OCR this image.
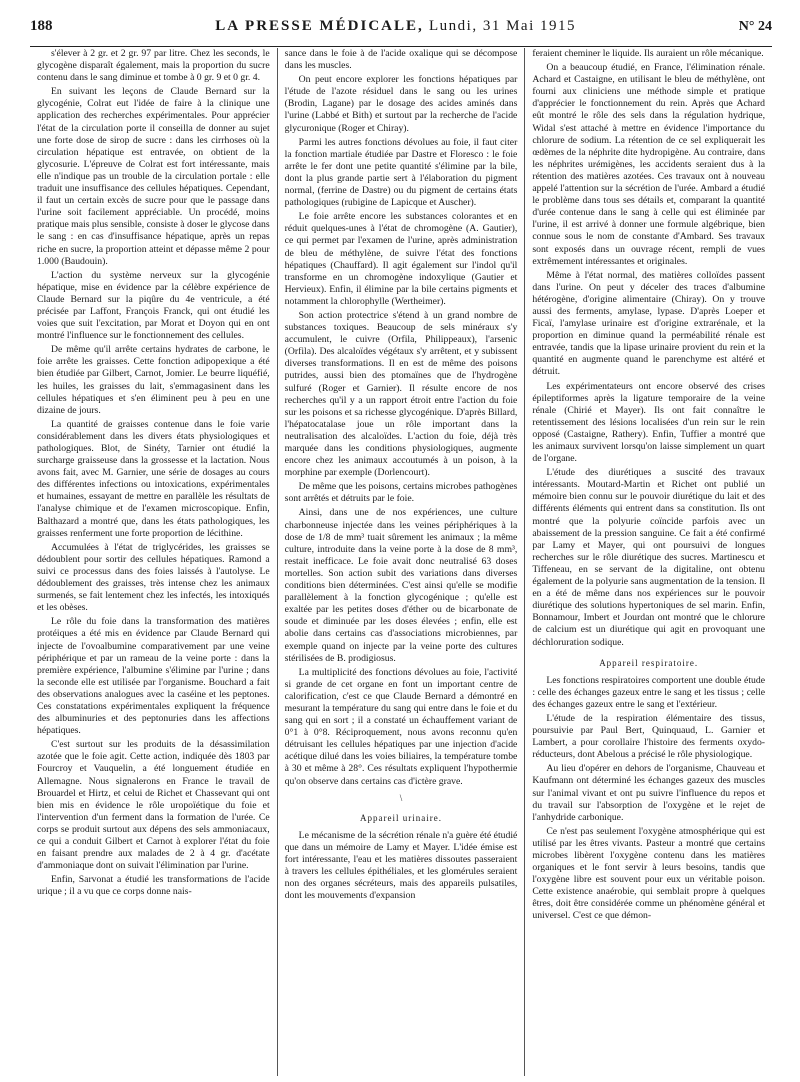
188	LA PRESSE MÉDICALE, Lundi, 31 Mai 1915	N° 24

s'élever à 2 gr. et 2 gr. 97 par litre. Chez les seconds, le glycogène disparaît également, mais la proportion du sucre contenu dans le sang diminue et tombe à 0 gr. 9 et 0 gr. 4.

En suivant les leçons de Claude Bernard sur la glycogénie, Colrat eut l'idée de faire à la clinique une application des recherches expérimentales. Pour apprécier l'état de la circulation porte il conseilla de donner au sujet une forte dose de sirop de sucre : dans les cirrhoses où la circulation hépatique est entravée, on obtient de la glycosurie. L'épreuve de Colrat est fort intéressante, mais elle n'indique pas un trouble de la circulation portale : elle traduit une insuffisance des cellules hépatiques. Cependant, il faut un certain excès de sucre pour que le passage dans l'urine soit facilement appréciable. Un procédé, moins pratique mais plus sensible, consiste à doser le glycose dans le sang : en cas d'insuffisance hépatique, après un repas riche en sucre, la proportion atteint et dépasse même 2 pour 1.000 (Baudouin).

L'action du système nerveux sur la glycogénie hépatique, mise en évidence par la célèbre expérience de Claude Bernard sur la piqûre du 4e ventricule, a été précisée par Laffont, François Franck, qui ont étudié les voies que suit l'excitation, par Morat et Doyon qui en ont montré l'influence sur le fonctionnement des cellules.

De même qu'il arrête certains hydrates de carbone, le foie arrête les graisses. Cette fonction adipopexique a été bien étudiée par Gilbert, Carnot, Jomier. Le beurre liquéfié, les huiles, les graisses du lait, s'emmagasinent dans les cellules hépatiques et s'en éliminent peu à peu en une dizaine de jours.

La quantité de graisses contenue dans le foie varie considérablement dans les divers états physiologiques et pathologiques. Blot, de Sinéty, Tarnier ont étudié la surcharge graisseuse dans la grossesse et la lactation. Nous avons fait, avec M. Garnier, une série de dosages au cours des différentes infections ou intoxications, expérimentales et humaines, essayant de mettre en parallèle les résultats de l'analyse chimique et de l'examen microscopique. Enfin, Balthazard a montré que, dans les états pathologiques, les graisses renferment une forte proportion de lécithine.

Accumulées à l'état de triglycérides, les graisses se dédoublent pour sortir des cellules hépatiques. Ramond a suivi ce processus dans des foies laissés à l'autolyse. Le dédoublement des graisses, très intense chez les animaux surmenés, se fait lentement chez les infectés, les intoxiqués et les obèses.

Le rôle du foie dans la transformation des matières protéiques a été mis en évidence par Claude Bernard qui injecte de l'ovoalbumine comparativement par une veine périphérique et par un rameau de la veine porte : dans la première expérience, l'albumine s'élimine par l'urine ; dans la seconde elle est utilisée par l'organisme. Bouchard a fait des observations analogues avec la caséine et les peptones. Ces constatations expérimentales expliquent la fréquence des albuminuries et des peptonuries dans les affections hépatiques.

C'est surtout sur les produits de la désassimilation azotée que le foie agit. Cette action, indiquée dès 1803 par Fourcroy et Vauquelin, a été longuement étudiée en Allemagne. Nous signalerons en France le travail de Brouardel et Hirtz, et celui de Richet et Chassevant qui ont bien mis en évidence le rôle uropoïétique du foie et l'intervention d'un ferment dans la formation de l'urée. Ce corps se produit surtout aux dépens des sels ammoniacaux, ce qui a conduit Gilbert et Carnot à explorer l'état du foie en faisant prendre aux malades de 2 à 4 gr. d'acétate d'ammoniaque dont on suivait l'élimination par l'urine.

Enfin, Sarvonat a étudié les transformations de l'acide urique ; il a vu que ce corps donne nais-

sance dans le foie à de l'acide oxalique qui se décompose dans les muscles.

On peut encore explorer les fonctions hépatiques par l'étude de l'azote résiduel dans le sang ou les urines (Brodin, Lagane) par le dosage des acides aminés dans l'urine (Labbé et Bith) et surtout par la recherche de l'acide glycuronique (Roger et Chiray).

Parmi les autres fonctions dévolues au foie, il faut citer la fonction martiale étudiée par Dastre et Floresco : le foie arrête le fer dont une petite quantité s'élimine par la bile, dont la plus grande partie sert à l'élaboration du pigment normal, (ferrine de Dastre) ou du pigment de certains états pathologiques (rubigine de Lapicque et Auscher).

Le foie arrête encore les substances colorantes et en réduit quelques-unes à l'état de chromogène (A. Gautier), ce qui permet par l'examen de l'urine, après administration de bleu de méthylène, de suivre l'état des fonctions hépatiques (Chauffard). Il agit également sur l'indol qu'il transforme en un chromogène indoxylique (Gautier et Hervieux). Enfin, il élimine par la bile certains pigments et notamment la chlorophylle (Wertheimer).

Son action protectrice s'étend à un grand nombre de substances toxiques. Beaucoup de sels minéraux s'y accumulent, le cuivre (Orfila, Philippeaux), l'arsenic (Orfila). Des alcaloïdes végétaux s'y arrêtent, et y subissent diverses transformations. Il en est de même des poisons putrides, aussi bien des ptomaïnes que de l'hydrogène sulfuré (Roger et Garnier). Il résulte encore de nos recherches qu'il y a un rapport étroit entre l'action du foie sur les poisons et sa richesse glycogénique. D'après Billard, l'hépatocatalase joue un rôle important dans la neutralisation des alcaloïdes. L'action du foie, déjà très marquée dans les conditions physiologiques, augmente encore chez les animaux accoutumés à un poison, à la morphine par exemple (Dorlencourt).

De même que les poisons, certains microbes pathogènes sont arrêtés et détruits par le foie.

Ainsi, dans une de nos expériences, une culture charbonneuse injectée dans les veines périphériques à la dose de 1/8 de mm³ tuait sûrement les animaux ; la même culture, introduite dans la veine porte à la dose de 8 mm³, restait inefficace. Le foie avait donc neutralisé 63 doses mortelles. Son action subit des variations dans diverses conditions bien déterminées. C'est ainsi qu'elle se modifie parallèlement à la fonction glycogénique ; qu'elle est exaltée par les petites doses d'éther ou de bicarbonate de soude et diminuée par les doses élevées ; enfin, elle est abolie dans certains cas d'associations microbiennes, par exemple quand on injecte par la veine porte des cultures stérilisées de B. prodigiosus.

La multiplicité des fonctions dévolues au foie, l'activité si grande de cet organe en font un important centre de calorification, c'est ce que Claude Bernard a démontré en mesurant la température du sang qui entre dans le foie et du sang qui en sort ; il a constaté un échauffement variant de 0°1 à 0°8. Réciproquement, nous avons reconnu qu'en détruisant les cellules hépatiques par une injection d'acide acétique dilué dans les voies biliaires, la température tombe à 30 et même à 28°. Ces résultats expliquent l'hypothermie qu'on observe dans certains cas d'ictère grave.

\
Appareil urinaire.

Le mécanisme de la sécrétion rénale n'a guère été étudié que dans un mémoire de Lamy et Mayer. L'idée émise est fort intéressante, l'eau et les matières dissoutes passeraient à travers les cellules épithéliales, et les glomérules seraient non des organes sécréteurs, mais des appareils pulsatiles, dont les mouvements d'expansion

feraient cheminer le liquide. Ils auraient un rôle mécanique.

On a beaucoup étudié, en France, l'élimination rénale. Achard et Castaigne, en utilisant le bleu de méthylène, ont fourni aux cliniciens une méthode simple et pratique d'apprécier le fonctionnement du rein. Après que Achard eût montré le rôle des sels dans la régulation hydrique, Widal s'est attaché à mettre en évidence l'importance du chlorure de sodium. La rétention de ce sel expliquerait les œdèmes de la néphrite dite hydropigène. Au contraire, dans les néphrites urémigènes, les accidents seraient dus à la rétention des matières azotées. Ces travaux ont à nouveau appelé l'attention sur la sécrétion de l'urée. Ambard a étudié le problème dans tous ses détails et, comparant la quantité d'urée contenue dans le sang à celle qui est éliminée par l'urine, il est arrivé à donner une formule algébrique, bien connue sous le nom de constante d'Ambard. Ses travaux sont exposés dans un ouvrage récent, rempli de vues extrêmement intéressantes et originales.

Même à l'état normal, des matières colloïdes passent dans l'urine. On peut y déceler des traces d'albumine hétérogène, d'origine alimentaire (Chiray). On y trouve aussi des ferments, amylase, lypase. D'après Loeper et Ficaï, l'amylase urinaire est d'origine extrarénale, et la proportion en diminue quand la perméabilité rénale est entravée, tandis que la lipase urinaire provient du rein et la quantité en augmente quand le parenchyme est altéré et détruit.

Les expérimentateurs ont encore observé des crises épileptiformes après la ligature temporaire de la veine rénale (Chirié et Mayer). Ils ont fait connaître le retentissement des lésions localisées d'un rein sur le rein opposé (Castaigne, Rathery). Enfin, Tuffier a montré que les animaux survivent lorsqu'on laisse simplement un quart de l'organe.

L'étude des diurétiques a suscité des travaux intéressants. Moutard-Martin et Richet ont publié un mémoire bien connu sur le pouvoir diurétique du lait et des différents éléments qui entrent dans sa constitution. Ils ont montré que la polyurie coïncide parfois avec un abaissement de la pression sanguine. Ce fait a été confirmé par Lamy et Mayer, qui ont poursuivi de longues recherches sur le rôle diurétique des sucres. Martinescu et Tiffeneau, en se servant de la digitaline, ont obtenu également de la polyurie sans augmentation de la tension. Il en a été de même dans nos expériences sur le pouvoir diurétique des solutions hypertoniques de sel marin. Enfin, Bonnamour, Imbert et Jourdan ont montré que le chlorure de calcium est un diurétique qui agit en provoquant une déchloruration sodique.

Appareil respiratoire.

Les fonctions respiratoires comportent une double étude : celle des échanges gazeux entre le sang et les tissus ; celle des échanges gazeux entre le sang et l'extérieur.

L'étude de la respiration élémentaire des tissus, poursuivie par Paul Bert, Quinquaud, L. Garnier et Lambert, a pour corollaire l'histoire des ferments oxydo-réducteurs, dont Abelous a précisé le rôle physiologique.

Au lieu d'opérer en dehors de l'organisme, Chauveau et Kaufmann ont déterminé les échanges gazeux des muscles sur l'animal vivant et ont pu suivre l'influence du repos et du travail sur l'absorption de l'oxygène et le rejet de l'anhydride carbonique.

Ce n'est pas seulement l'oxygène atmosphérique qui est utilisé par les êtres vivants. Pasteur a montré que certains microbes libèrent l'oxygène contenu dans les matières organiques et le font servir à leurs besoins, tandis que l'oxygène libre est souvent pour eux un véritable poison. Cette existence anaérobie, qui semblait propre à quelques êtres, doit être considérée comme un phénomène général et universel. C'est ce que démon-
